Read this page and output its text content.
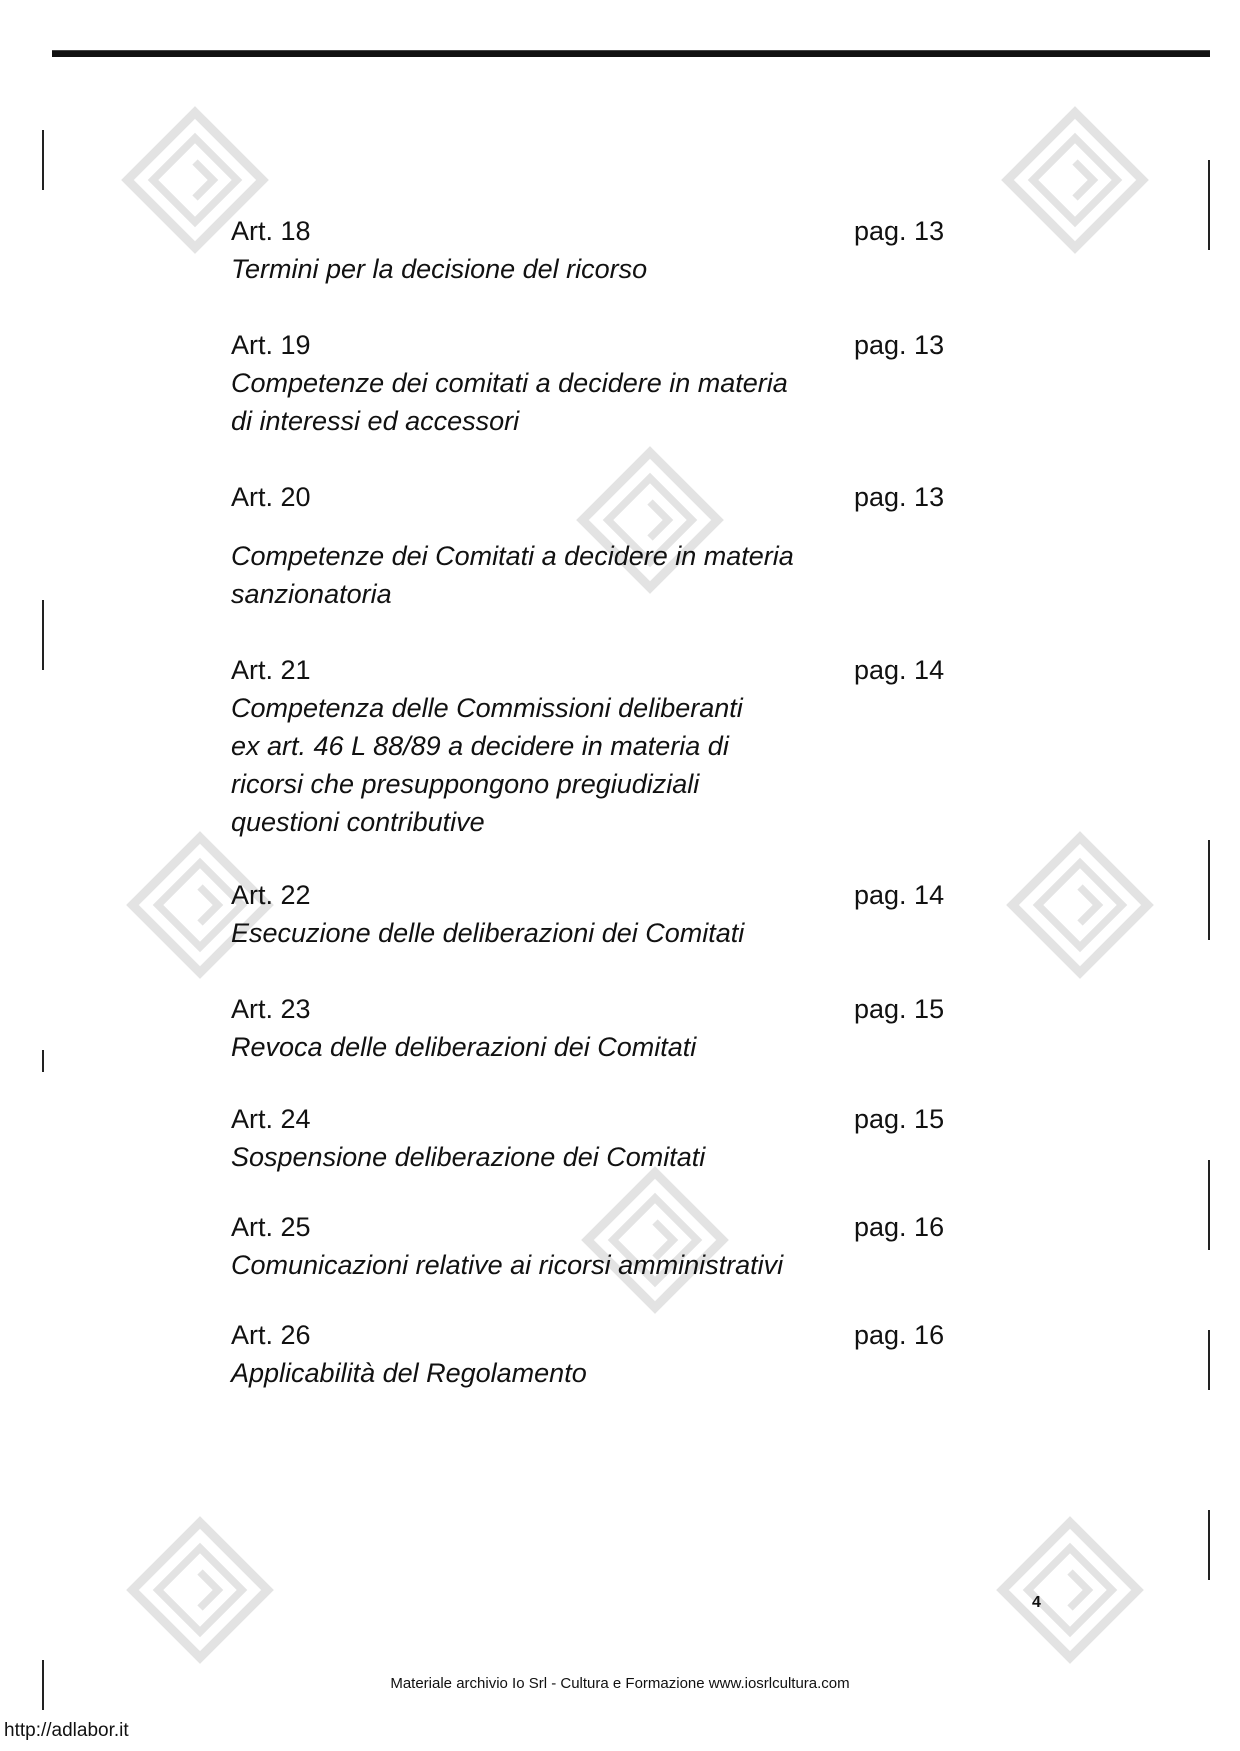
Art. 18	pag. 13
Termini per la decisione del ricorso
Art. 19	pag. 13
Competenze dei comitati a decidere in materia
di interessi ed accessori
Art. 20	pag. 13
Competenze dei Comitati a decidere in materia
sanzionatoria
Art. 21	pag. 14
Competenza delle Commissioni deliberanti
ex art. 46 L 88/89 a decidere in materia di
ricorsi che presuppongono pregiudiziali
questioni contributive
Art. 22	pag. 14
Esecuzione delle deliberazioni dei Comitati
Art. 23	pag. 15
Revoca delle deliberazioni dei Comitati
Art. 24	pag. 15
Sospensione deliberazione dei Comitati
Art. 25	pag. 16
Comunicazioni relative ai ricorsi amministrativi
Art. 26	pag. 16
Applicabilità del Regolamento
4
Materiale archivio Io Srl - Cultura e Formazione www.iosrlcultura.com
http://adlabor.it
